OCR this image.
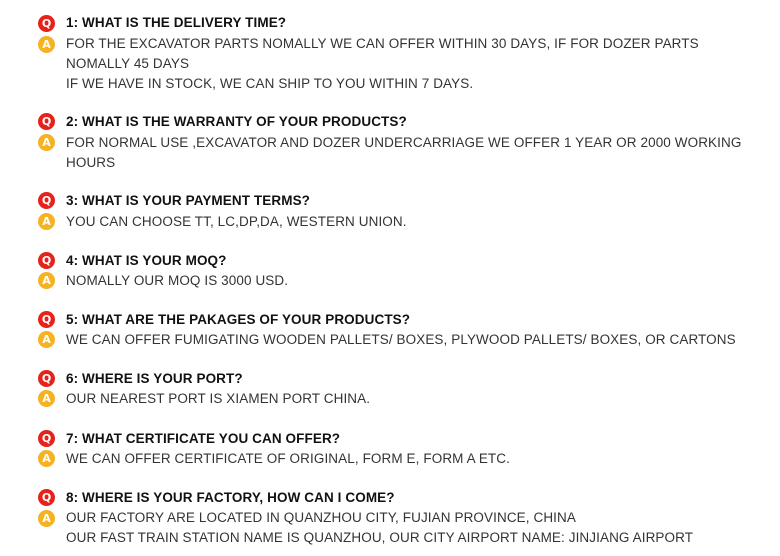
Q 1: WHAT IS THE DELIVERY TIME?
A	FOR THE EXCAVATOR PARTS NOMALLY WE CAN OFFER WITHIN 30 DAYS, IF FOR DOZER PARTS
NOMALLY 45 DAYS
IF WE HAVE IN STOCK, WE CAN SHIP TO YOU WITHIN 7 DAYS.
Q 2: WHAT IS THE WARRANTY OF YOUR PRODUCTS?
A	FOR NORMAL USE ,EXCAVATOR AND DOZER UNDERCARRIAGE WE OFFER 1 YEAR OR 2000 WORKING
HOURS
Q 3: WHAT IS YOUR PAYMENT TERMS?
A	YOU CAN CHOOSE TT, LC,DP,DA, WESTERN UNION.
Q 4: WHAT IS YOUR MOQ?
A	NOMALLY OUR MOQ IS 3000 USD.
Q 5: WHAT ARE THE PAKAGES OF YOUR PRODUCTS?
A	WE CAN OFFER FUMIGATING WOODEN PALLETS/ BOXES, PLYWOOD PALLETS/ BOXES, OR CARTONS
Q 6: WHERE IS YOUR PORT?
A	OUR NEAREST PORT IS XIAMEN PORT CHINA.
Q 7: WHAT CERTIFICATE YOU CAN OFFER?
A	WE CAN OFFER CERTIFICATE OF ORIGINAL, FORM E, FORM A ETC.
Q 8: WHERE IS YOUR FACTORY, HOW CAN I COME?
A	OUR FACTORY ARE LOCATED IN QUANZHOU CITY, FUJIAN PROVINCE, CHINA
OUR FAST TRAIN STATION NAME IS QUANZHOU, OUR CITY AIRPORT NAME: JINJIANG AIRPORT
